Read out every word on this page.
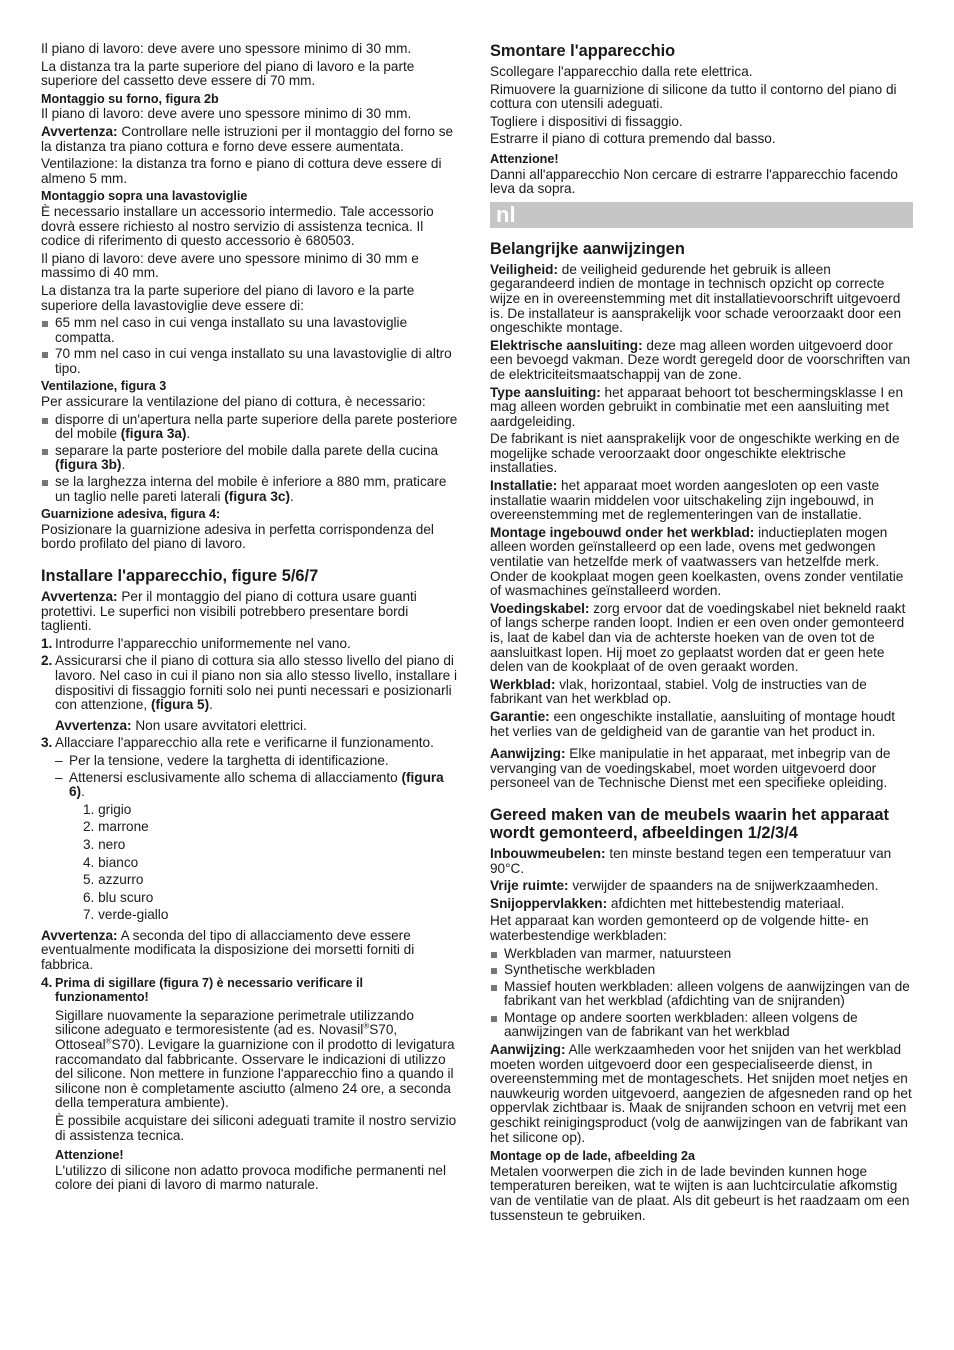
Il piano di lavoro: deve avere uno spessore minimo di 30 mm.

La distanza tra la parte superiore del piano di lavoro e la parte superiore del cassetto deve essere di 70 mm.

Montaggio su forno, figura 2b

Il piano di lavoro: deve avere uno spessore minimo di 30 mm.

Avvertenza: Controllare nelle istruzioni per il montaggio del forno se la distanza tra piano cottura e forno deve essere aumentata.

Ventilazione: la distanza tra forno e piano di cottura deve essere di almeno 5 mm.

Montaggio sopra una lavastoviglie

È necessario installare un accessorio intermedio. Tale accessorio dovrà essere richiesto al nostro servizio di assistenza tecnica. Il codice di riferimento di questo accessorio è 680503.

Il piano di lavoro: deve avere uno spessore minimo di 30 mm e massimo di 40 mm.

La distanza tra la parte superiore del piano di lavoro e la parte superiore della lavastoviglie deve essere di:

65 mm nel caso in cui venga installato su una lavastoviglie compatta.
70 mm nel caso in cui venga installato su una lavastoviglie di altro tipo.
Ventilazione, figura 3

Per assicurare la ventilazione del piano di cottura, è necessario:

disporre di un'apertura nella parte superiore della parete posteriore del mobile (figura 3a).
separare la parte posteriore del mobile dalla parete della cucina (figura 3b).
se la larghezza interna del mobile è inferiore a 880 mm, praticare un taglio nelle pareti laterali (figura 3c).
Guarnizione adesiva, figura 4:

Posizionare la guarnizione adesiva in perfetta corrispondenza del bordo profilato del piano di lavoro.

Installare l'apparecchio, figure 5/6/7

Avvertenza: Per il montaggio del piano di cottura usare guanti protettivi. Le superfici non visibili potrebbero presentare bordi taglienti.

1. Introdurre l'apparecchio uniformemente nel vano.
2. Assicurarsi che il piano di cottura sia allo stesso livello del piano di lavoro. Nel caso in cui il piano non sia allo stesso livello, installare i dispositivi di fissaggio forniti solo nei punti necessari e posizionarli con attenzione, (figura 5).

Avvertenza: Non usare avvitatori elettrici.

3. Allacciare l'apparecchio alla rete e verificarne il funzionamento.
– Per la tensione, vedere la targhetta di identificazione.
– Attenersi esclusivamente allo schema di allacciamento (figura 6).
1. grigio
2. marrone
3. nero
4. bianco
5. azzurro
6. blu scuro
7. verde-giallo

Avvertenza: A seconda del tipo di allacciamento deve essere eventualmente modificata la disposizione dei morsetti forniti di fabbrica.

4. Prima di sigillare (figura 7) è necessario verificare il funzionamento!

Sigillare nuovamente la separazione perimetrale utilizzando silicone adeguato e termoresistente (ad es. Novasil®S70, Ottoseal®S70). Levigare la guarnizione con il prodotto di levigatura raccomandato dal fabbricante. Osservare le indicazioni di utilizzo del silicone. Non mettere in funzione l'apparecchio fino a quando il silicone non è completamente asciutto (almeno 24 ore, a seconda della temperatura ambiente).

È possibile acquistare dei siliconi adeguati tramite il nostro servizio di assistenza tecnica.

Attenzione!

L'utilizzo di silicone non adatto provoca modifiche permanenti nel colore dei piani di lavoro di marmo naturale.

Smontare l'apparecchio

Scollegare l'apparecchio dalla rete elettrica.

Rimuovere la guarnizione di silicone da tutto il contorno del piano di cottura con utensili adeguati.

Togliere i dispositivi di fissaggio.

Estrarre il piano di cottura premendo dal basso.

Attenzione!

Danni all'apparecchio Non cercare di estrarre l'apparecchio facendo leva da sopra.

nl
Belangrijke aanwijzingen

Veiligheid: de veiligheid gedurende het gebruik is alleen gegarandeerd indien de montage in technisch opzicht op correcte wijze en in overeenstemming met dit installatievoorschrift uitgevoerd is. De installateur is aansprakelijk voor schade veroorzaakt door een ongeschikte montage.

Elektrische aansluiting: deze mag alleen worden uitgevoerd door een bevoegd vakman. Deze wordt geregeld door de voorschriften van de elektriciteitsmaatschappij van de zone.

Type aansluiting: het apparaat behoort tot beschermingsklasse I en mag alleen worden gebruikt in combinatie met een aansluiting met aardgeleiding.

De fabrikant is niet aansprakelijk voor de ongeschikte werking en de mogelijke schade veroorzaakt door ongeschikte elektrische installaties.

Installatie: het apparaat moet worden aangesloten op een vaste installatie waarin middelen voor uitschakeling zijn ingebouwd, in overeenstemming met de reglementeringen van de installatie.

Montage ingebouwd onder het werkblad: inductieplaten mogen alleen worden geïnstalleerd op een lade, ovens met gedwongen ventilatie van hetzelfde merk of vaatwassers van hetzelfde merk. Onder de kookplaat mogen geen koelkasten, ovens zonder ventilatie of wasmachines geïnstalleerd worden.

Voedingskabel: zorg ervoor dat de voedingskabel niet bekneld raakt of langs scherpe randen loopt. Indien er een oven onder gemonteerd is, laat de kabel dan via de achterste hoeken van de oven tot de aansluitkast lopen. Hij moet zo geplaatst worden dat er geen hete delen van de kookplaat of de oven geraakt worden.

Werkblad: vlak, horizontaal, stabiel. Volg de instructies van de fabrikant van het werkblad op.

Garantie: een ongeschikte installatie, aansluiting of montage houdt het verlies van de geldigheid van de garantie van het product in.

Aanwijzing: Elke manipulatie in het apparaat, met inbegrip van de vervanging van de voedingskabel, moet worden uitgevoerd door personeel van de Technische Dienst met een specifieke opleiding.

Gereed maken van de meubels waarin het apparaat wordt gemonteerd, afbeeldingen 1/2/3/4

Inbouwmeubelen: ten minste bestand tegen een temperatuur van 90°C.

Vrije ruimte: verwijder de spaanders na de snijwerkzaamheden.

Snijoppervlakken: afdichten met hittebestendig materiaal.

Het apparaat kan worden gemonteerd op de volgende hitte- en waterbestendige werkbladen:

Werkbladen van marmer, natuursteen
Synthetische werkbladen
Massief houten werkbladen: alleen volgens de aanwijzingen van de fabrikant van het werkblad (afdichting van de snijranden)
Montage op andere soorten werkbladen: alleen volgens de aanwijzingen van de fabrikant van het werkblad

Aanwijzing: Alle werkzaamheden voor het snijden van het werkblad moeten worden uitgevoerd door een gespecialiseerde dienst, in overeenstemming met de montageschets. Het snijden moet netjes en nauwkeurig worden uitgevoerd, aangezien de afgesneden rand op het oppervlak zichtbaar is. Maak de snijranden schoon en vetvrij met een geschikt reinigingsproduct (volg de aanwijzingen van de fabrikant van het silicone op).

Montage op de lade, afbeelding 2a

Metalen voorwerpen die zich in de lade bevinden kunnen hoge temperaturen bereiken, wat te wijten is aan luchtcirculatie afkomstig van de ventilatie van de plaat. Als dit gebeurt is het raadzaam om een tussensteun te gebruiken.
